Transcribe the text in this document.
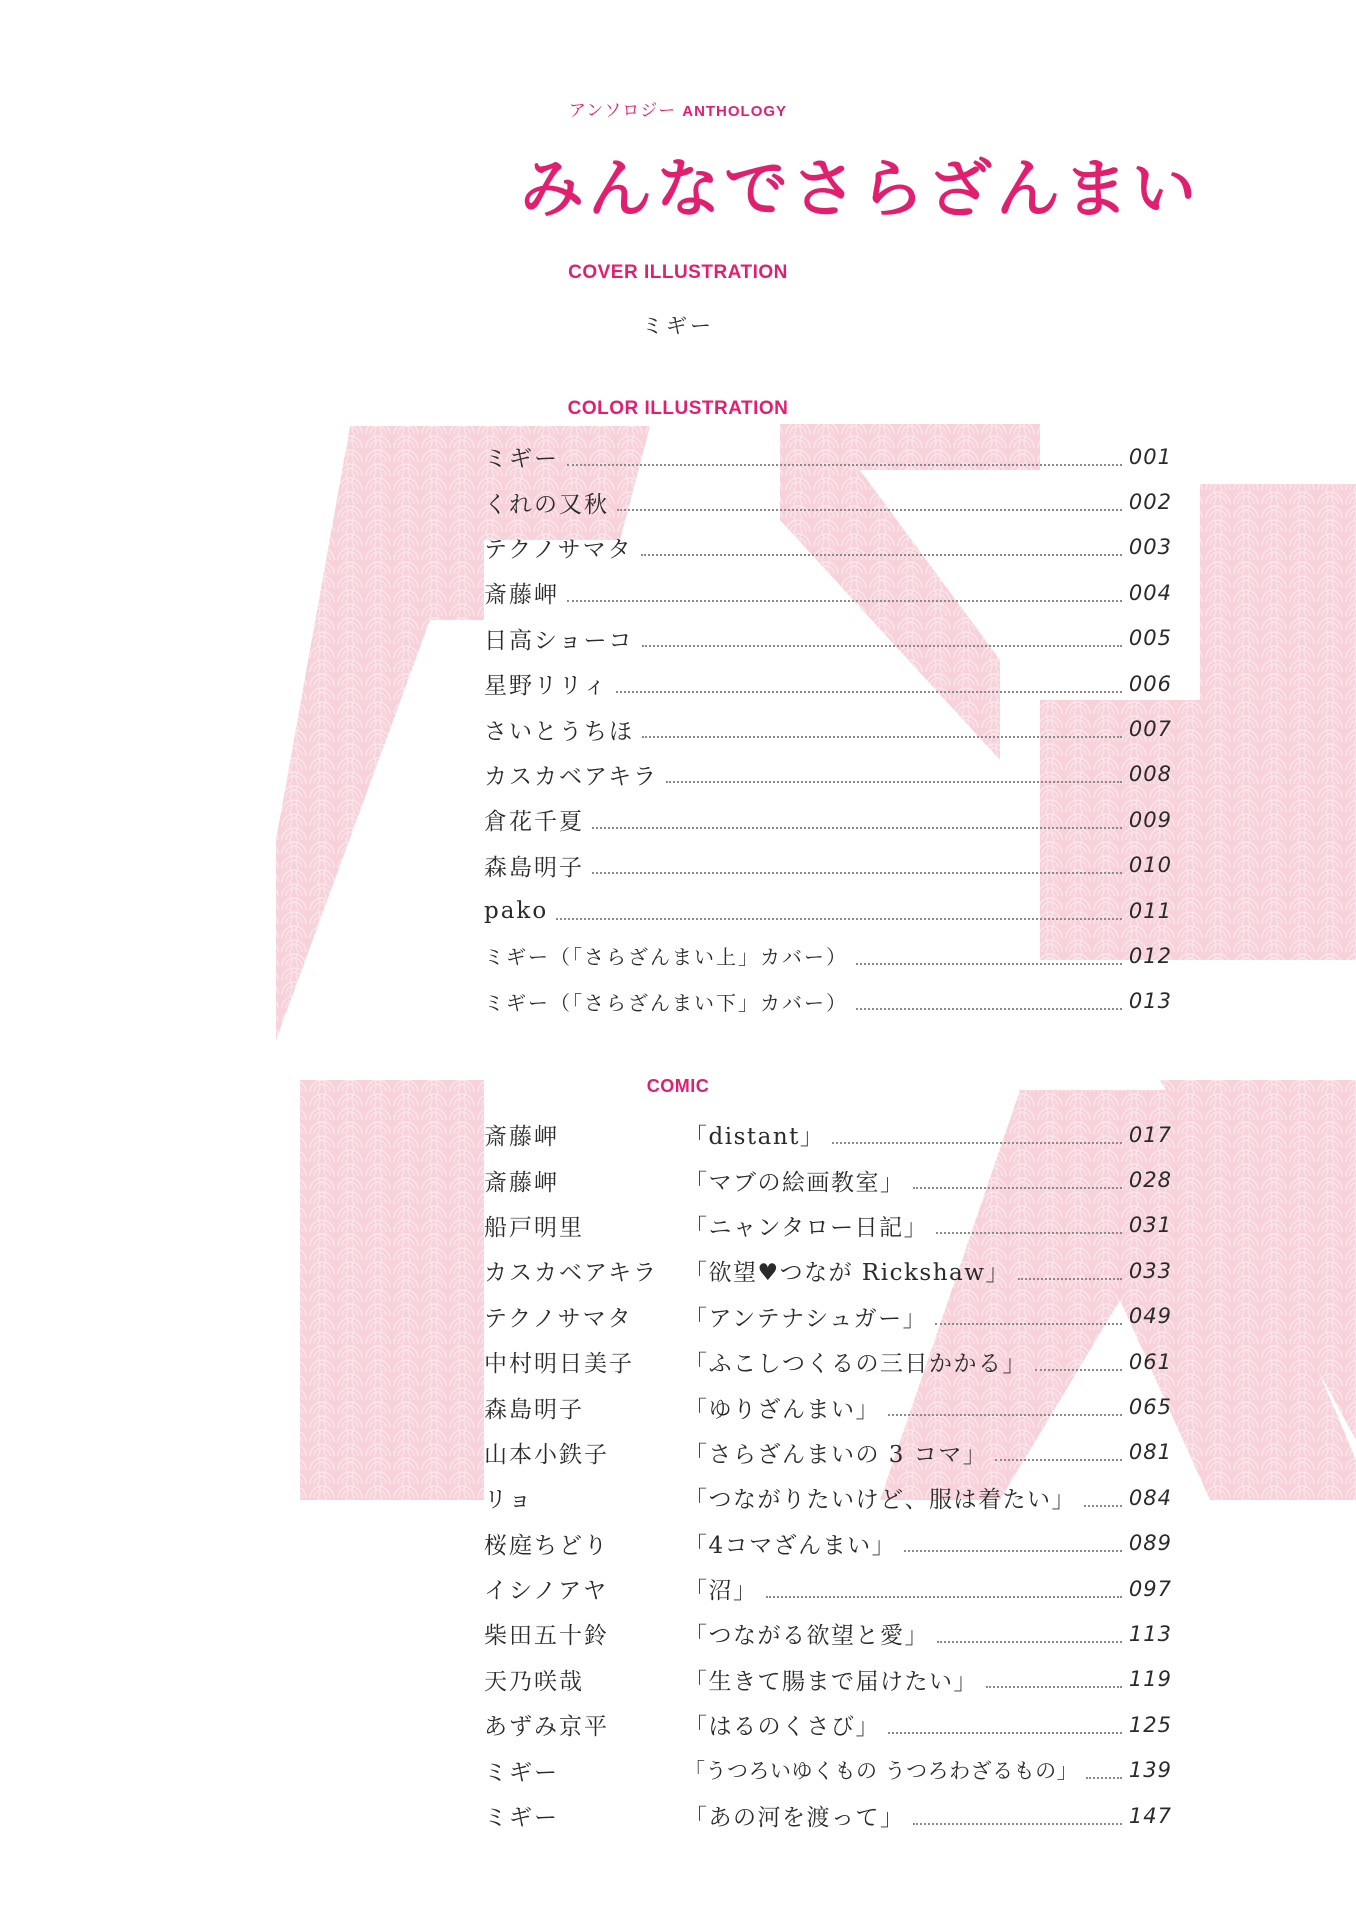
アンソロジー ANTHOLOGY
みんなでさらざんまい
COVER ILLUSTRATION
ミギー
COLOR ILLUSTRATION
ミギー	001
くれの又秋	002
テクノサマタ	003
斎藤岬	004
日高ショーコ	005
星野リリィ	006
さいとうちほ	007
カスカベアキラ	008
倉花千夏	009
森島明子	010
pako	011
ミギー（「さらざんまい上」カバー）	012
ミギー（「さらざんまい下」カバー）	013
COMIC
斎藤岬	「distant」	017
斎藤岬	「マブの絵画教室」	028
船戸明里	「ニャンタロー日記」	031
カスカベアキラ	「欲望♥つなが Rickshaw」	033
テクノサマタ	「アンテナシュガー」	049
中村明日美子	「ふこしつくるの三日かかる」	061
森島明子	「ゆりざんまい」	065
山本小鉄子	「さらざんまいの 3 コマ」	081
リョ	「つながりたいけど、服は着たい」	084
桜庭ちどり	「4コマざんまい」	089
イシノアヤ	「沼」	097
柴田五十鈴	「つながる欲望と愛」	113
天乃咲哉	「生きて腸まで届けたい」	119
あずみ京平	「はるのくさび」	125
ミギー	「うつろいゆくもの うつろわざるもの」 139
ミギー	「あの河を渡って」	147
